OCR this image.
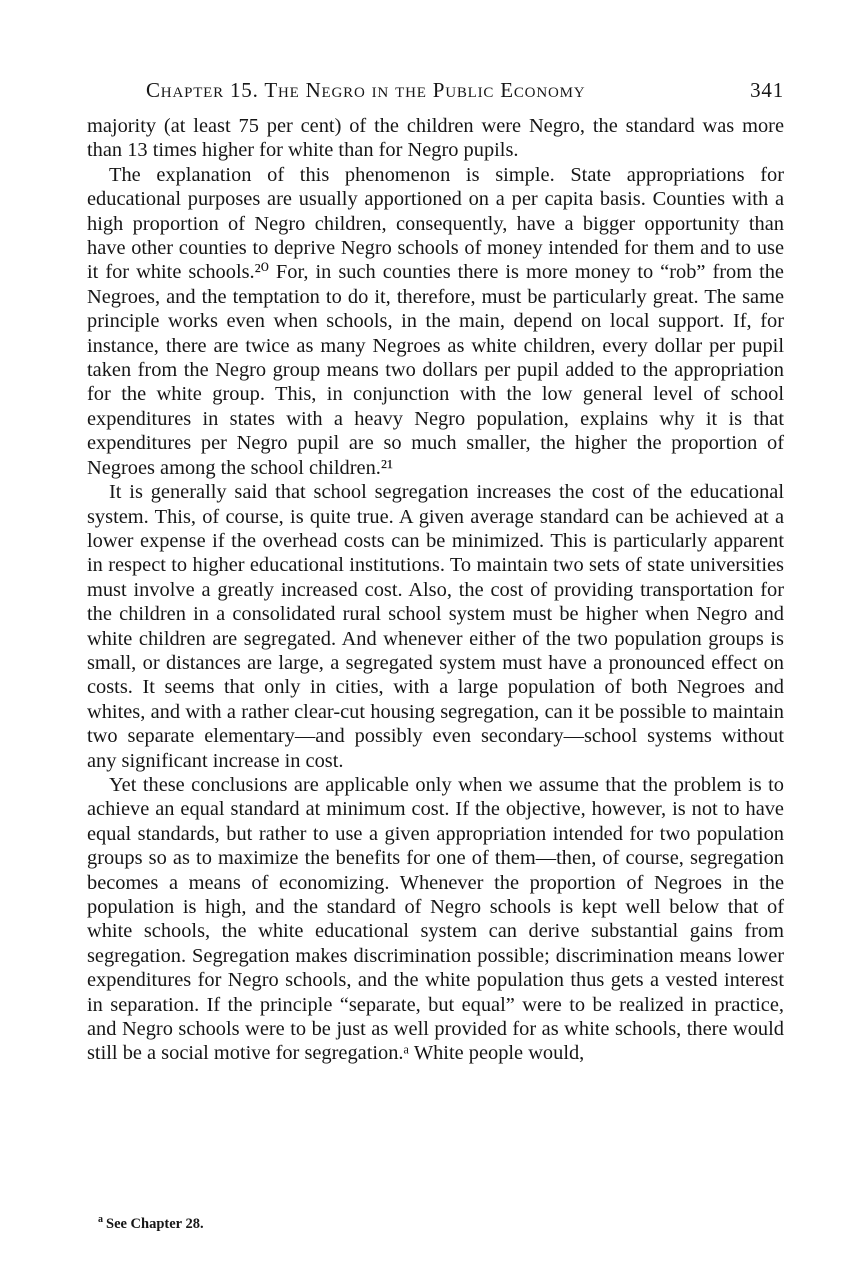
Chapter 15. The Negro in the Public Economy	341

majority (at least 75 per cent) of the children were Negro, the standard was more than 13 times higher for white than for Negro pupils.

The explanation of this phenomenon is simple. State appropriations for educational purposes are usually apportioned on a per capita basis. Counties with a high proportion of Negro children, consequently, have a bigger opportunity than have other counties to deprive Negro schools of money intended for them and to use it for white schools.²⁰ For, in such counties there is more money to “rob” from the Negroes, and the temptation to do it, therefore, must be particularly great. The same principle works even when schools, in the main, depend on local support. If, for instance, there are twice as many Negroes as white children, every dollar per pupil taken from the Negro group means two dollars per pupil added to the appropriation for the white group. This, in conjunction with the low general level of school expenditures in states with a heavy Negro population, explains why it is that expenditures per Negro pupil are so much smaller, the higher the proportion of Negroes among the school children.²¹

It is generally said that school segregation increases the cost of the educational system. This, of course, is quite true. A given average standard can be achieved at a lower expense if the overhead costs can be minimized. This is particularly apparent in respect to higher educational institutions. To maintain two sets of state universities must involve a greatly increased cost. Also, the cost of providing transportation for the children in a consolidated rural school system must be higher when Negro and white children are segregated. And whenever either of the two population groups is small, or distances are large, a segregated system must have a pronounced effect on costs. It seems that only in cities, with a large population of both Negroes and whites, and with a rather clear-cut housing segregation, can it be possible to maintain two separate elementary—and possibly even secondary—school systems without any significant increase in cost.

Yet these conclusions are applicable only when we assume that the problem is to achieve an equal standard at minimum cost. If the objective, however, is not to have equal standards, but rather to use a given appropriation intended for two population groups so as to maximize the benefits for one of them—then, of course, segregation becomes a means of economizing. Whenever the proportion of Negroes in the population is high, and the standard of Negro schools is kept well below that of white schools, the white educational system can derive substantial gains from segregation. Segregation makes discrimination possible; discrimination means lower expenditures for Negro schools, and the white population thus gets a vested interest in separation. If the principle “separate, but equal” were to be realized in practice, and Negro schools were to be just as well provided for as white schools, there would still be a social motive for segregation.ᵃ White people would,

$^a$ See Chapter 28.
